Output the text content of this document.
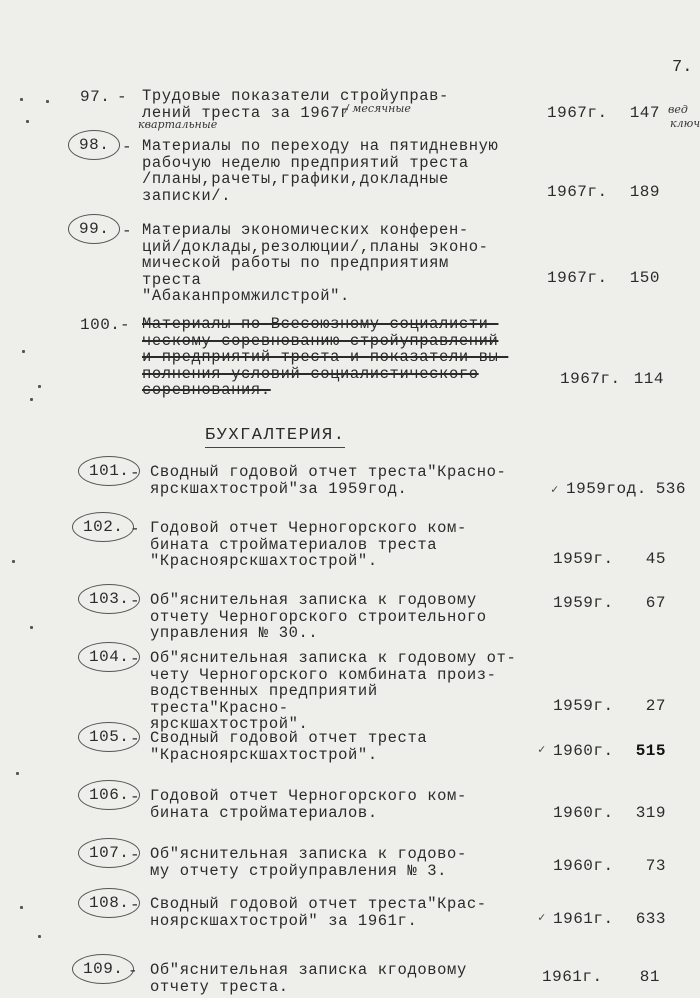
7.
97. - Трудовые показатели стройуправ-
лений треста за 1967г
/ месячные
квартальные
1967г.	147 вед
ключ
98. - Материалы по переходу на пятидневную
рабочую неделю предприятий треста
/планы,рачеты,графики,докладные
записки/.	1967г.	189
99. - Материалы экономических конферен-
ций/доклады,резолюции/,планы эконо-
мической работы по предприятиям треста
"Абаканпромжилстрой".
1967г.	150
100. - Материалы по Всесоюзному социалисти-
ческому соревнованию стройуправлений
и предприятий треста и показатели вы-
полнения условий социалистического
соревнования.
1967г. 114
БУХГАЛТЕРИЯ.
101. - Сводный годовой отчет треста"Красно-
ярскшахтострой"за 1959год.	✓ 1959год. 536
102. - Годовой отчет Черногорского ком-
бината стройматериалов треста
"Красноярскшахтострой".	1959г.	45
103. - Об"яснительная записка к годовому
отчету Черногорского строительного
управления № 30..
1959г.	67
104. - Об"яснительная записка к годовому от-
чету Черногорского комбината произ-
водственных предприятий треста"Красно-
ярскшахтострой".
1959г.	27
105. - Сводный годовой отчет треста
"Красноярскшахтострой".	✓ 1960г.	515
106. - Годовой отчет Черногорского ком-
бината стройматериалов.	1960г.	319
107. - Об"яснительная записка к годово-
му отчету стройуправления № 3.	1960г.	73
108. - Сводный годовой отчет треста"Крас-
ноярскшахтострой" за 1961г.	✓ 1961г.	633
109. - Об"яснительная записка кгодовому
отчету треста.
1961г.	81
